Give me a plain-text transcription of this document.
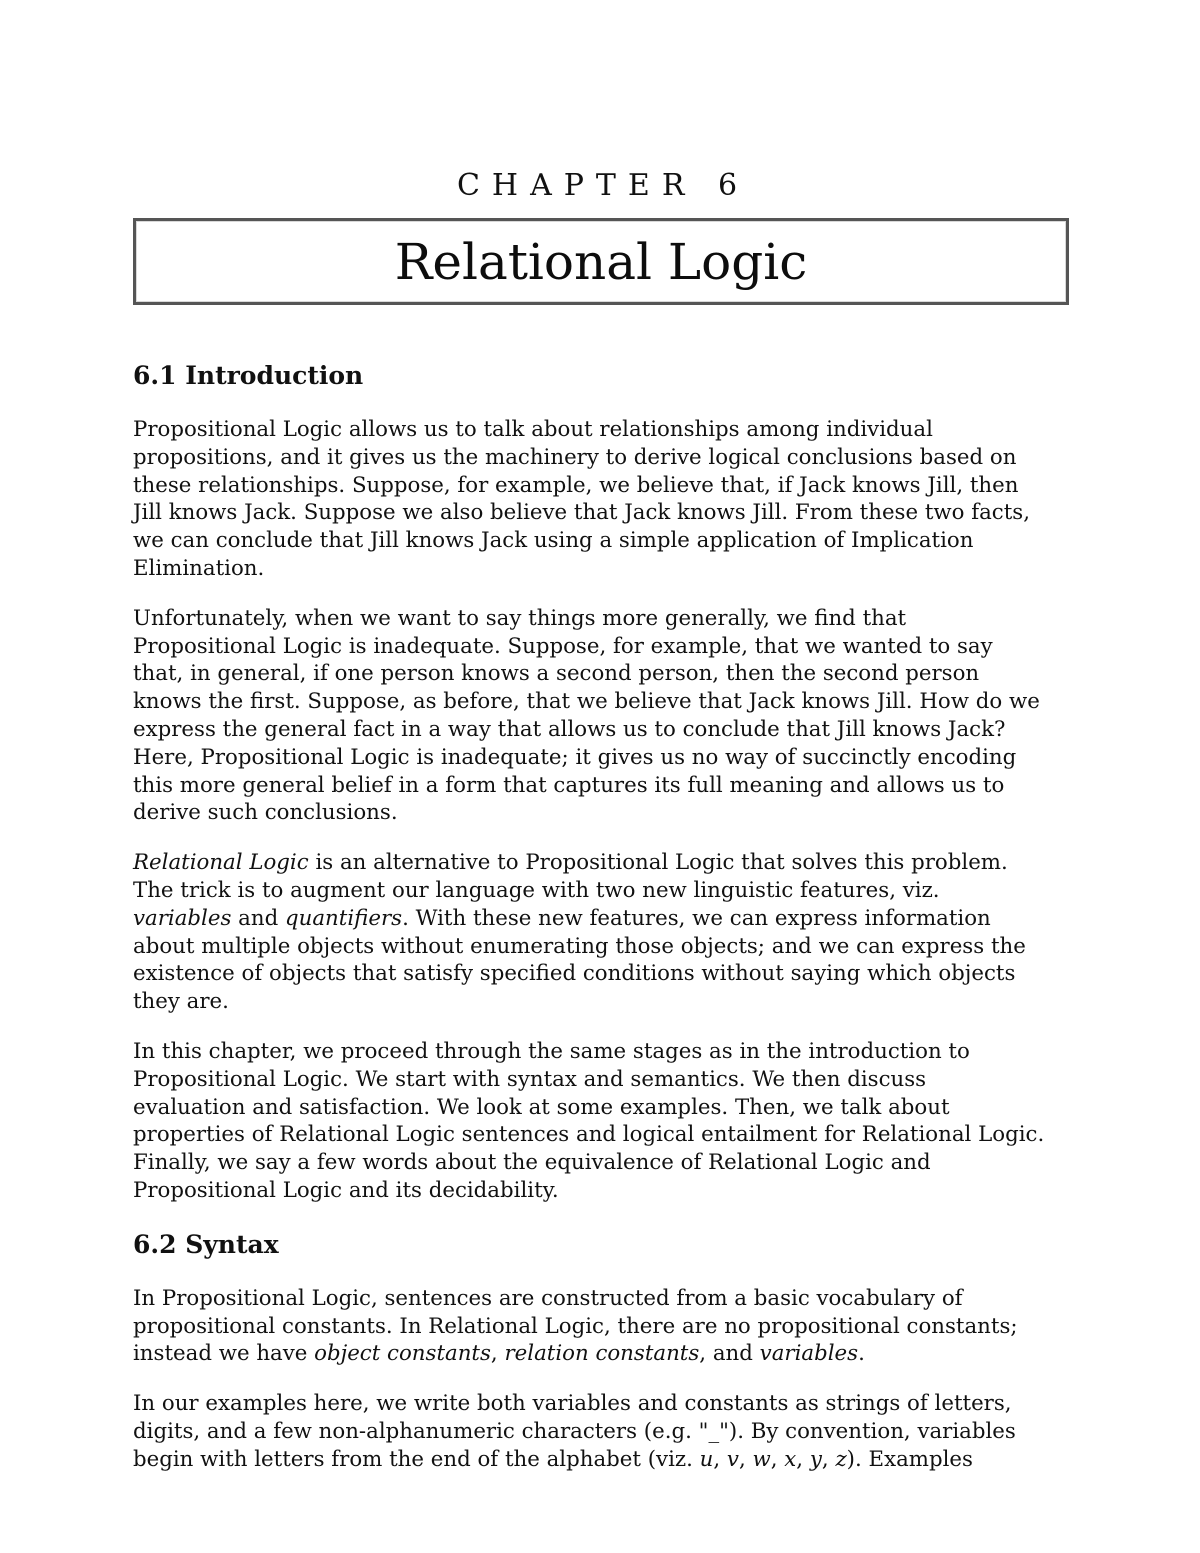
CHAPTER 6
Relational Logic
6.1 Introduction

Propositional Logic allows us to talk about relationships among individual
propositions, and it gives us the machinery to derive logical conclusions based on
these relationships. Suppose, for example, we believe that, if Jack knows Jill, then
Jill knows Jack. Suppose we also believe that Jack knows Jill. From these two facts,
we can conclude that Jill knows Jack using a simple application of Implication
Elimination.

Unfortunately, when we want to say things more generally, we find that
Propositional Logic is inadequate. Suppose, for example, that we wanted to say
that, in general, if one person knows a second person, then the second person
knows the first. Suppose, as before, that we believe that Jack knows Jill. How do we
express the general fact in a way that allows us to conclude that Jill knows Jack?
Here, Propositional Logic is inadequate; it gives us no way of succinctly encoding
this more general belief in a form that captures its full meaning and allows us to
derive such conclusions.

Relational Logic is an alternative to Propositional Logic that solves this problem.
The trick is to augment our language with two new linguistic features, viz.
variables and quantifiers. With these new features, we can express information
about multiple objects without enumerating those objects; and we can express the
existence of objects that satisfy specified conditions without saying which objects
they are.

In this chapter, we proceed through the same stages as in the introduction to
Propositional Logic. We start with syntax and semantics. We then discuss
evaluation and satisfaction. We look at some examples. Then, we talk about
properties of Relational Logic sentences and logical entailment for Relational Logic.
Finally, we say a few words about the equivalence of Relational Logic and
Propositional Logic and its decidability.

6.2 Syntax

In Propositional Logic, sentences are constructed from a basic vocabulary of
propositional constants. In Relational Logic, there are no propositional constants;
instead we have object constants, relation constants, and variables.

In our examples here, we write both variables and constants as strings of letters,
digits, and a few non-alphanumeric characters (e.g. "_"). By convention, variables
begin with letters from the end of the alphabet (viz. u, v, w, x, y, z). Examples
